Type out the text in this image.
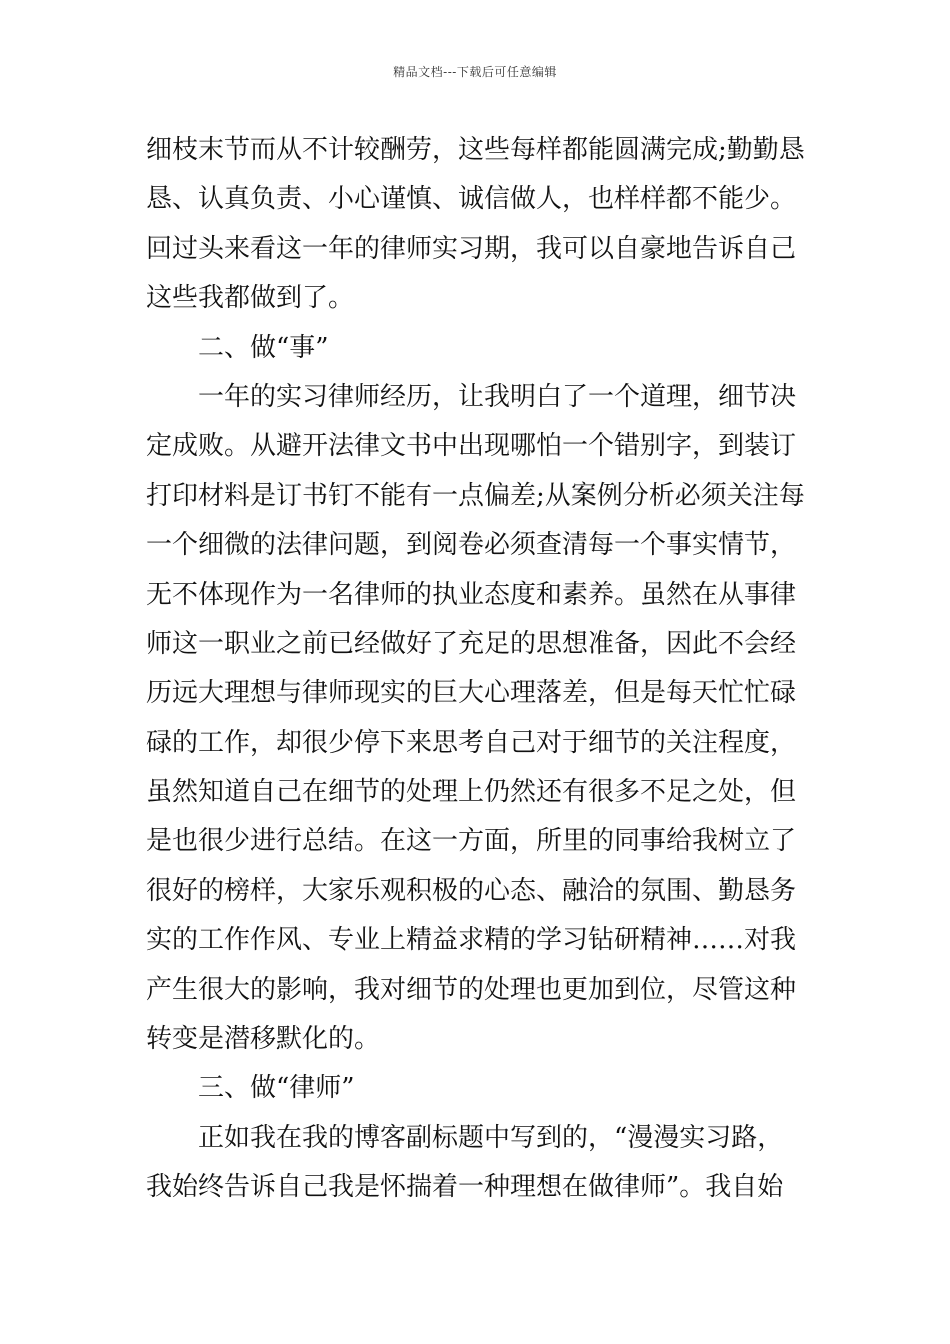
精品文档---下载后可任意编辑
细枝末节而从不计较酬劳，这些每样都能圆满完成;勤勤恳
恳、认真负责、小心谨慎、诚信做人，也样样都不能少。
回过头来看这一年的律师实习期，我可以自豪地告诉自己
这些我都做到了。
二、做“事”
一年的实习律师经历，让我明白了一个道理，细节决
定成败。从避开法律文书中出现哪怕一个错别字，到装订
打印材料是订书钉不能有一点偏差;从案例分析必须关注每
一个细微的法律问题，到阅卷必须查清每一个事实情节，
无不体现作为一名律师的执业态度和素养。虽然在从事律
师这一职业之前已经做好了充足的思想准备，因此不会经
历远大理想与律师现实的巨大心理落差，但是每天忙忙碌
碌的工作，却很少停下来思考自己对于细节的关注程度，
虽然知道自己在细节的处理上仍然还有很多不足之处，但
是也很少进行总结。在这一方面，所里的同事给我树立了
很好的榜样，大家乐观积极的心态、融洽的氛围、勤恳务
实的工作作风、专业上精益求精的学习钻研精神……对我
产生很大的影响，我对细节的处理也更加到位，尽管这种
转变是潜移默化的。
三、做“律师”
正如我在我的博客副标题中写到的，“漫漫实习路，
我始终告诉自己我是怀揣着一种理想在做律师”。我自始
